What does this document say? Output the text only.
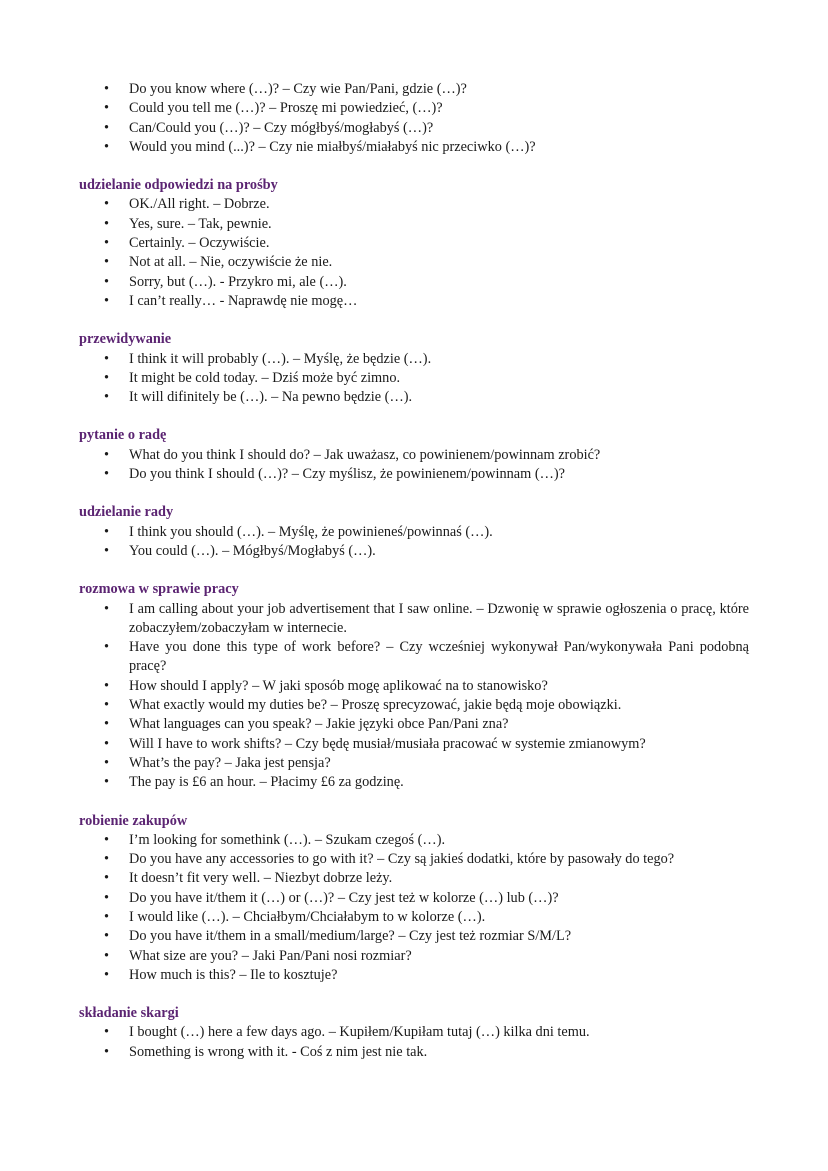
• Do you know where (…)? – Czy wie Pan/Pani, gdzie (…)?
• Could you tell me (…)? – Proszę mi powiedzieć, (…)?
• Can/Could you (…)? – Czy mógłbyś/mogłabyś (…)?
• Would you mind (...)? – Czy nie miałbyś/miałabyś nic przeciwko (…)?
udzielanie odpowiedzi na prośby
• OK./All right. – Dobrze.
• Yes, sure. – Tak, pewnie.
• Certainly. – Oczywiście.
• Not at all. – Nie, oczywiście że nie.
• Sorry, but (…). - Przykro mi, ale (…).
• I can’t really… - Naprawdę nie mogę…
przewidywanie
• I think it will probably (…). – Myślę, że będzie (…).
• It might be cold today. – Dziś może być zimno.
• It will difinitely be (…). – Na pewno będzie (…).
pytanie o radę
• What do you think I should do? – Jak uważasz, co powinienem/powinnam zrobić?
• Do you think I should (…)? – Czy myślisz, że powinienem/powinnam (…)?
udzielanie rady
• I think you should (…). – Myślę, że powinieneś/powinnaś (…).
• You could (…). – Mógłbyś/Mogłabyś (…).
rozmowa w sprawie pracy
• I am calling about your job advertisement that I saw online. – Dzwonię w sprawie ogłoszenia o pracę, które zobaczyłem/zobaczyłam w internecie.
• Have you done this type of work before? – Czy wcześniej wykonywał Pan/wykonywała Pani podobną pracę?
• How should I apply? – W jaki sposób mogę aplikować na to stanowisko?
• What exactly would my duties be? – Proszę sprecyzować, jakie będą moje obowiązki.
• What languages can you speak? – Jakie języki obce Pan/Pani zna?
• Will I have to work shifts? – Czy będę musiał/musiała pracować w systemie zmianowym?
• What’s the pay? – Jaka jest pensja?
• The pay is £6 an hour. – Płacimy £6 za godzinę.
robienie zakupów
• I’m looking for somethink (…). – Szukam czegoś (…).
• Do you have any accessories to go with it? – Czy są jakieś dodatki, które by pasowały do tego?
• It doesn’t fit very well. – Niezbyt dobrze leży.
• Do you have it/them it (…) or (…)? – Czy jest też w kolorze (…) lub (…)?
• I would like (…). – Chciałbym/Chciałabym to w kolorze (…).
• Do you have it/them in a small/medium/large? – Czy jest też rozmiar S/M/L?
• What size are you? – Jaki Pan/Pani nosi rozmiar?
• How much is this? – Ile to kosztuje?
składanie skargi
• I bought (…) here a few days ago. – Kupiłem/Kupiłam tutaj (…) kilka dni temu.
• Something is wrong with it. - Coś z nim jest nie tak.
